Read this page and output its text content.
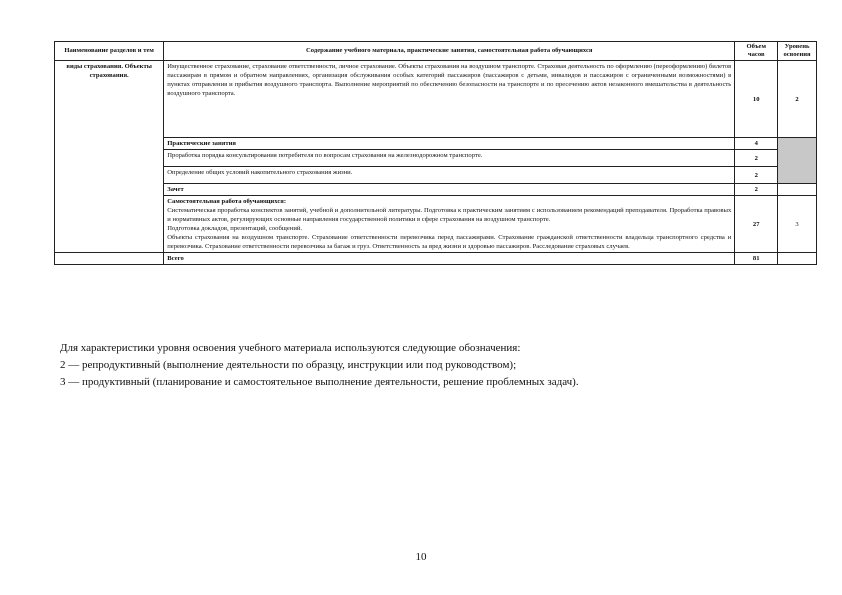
Наименование разделов и тем	Содержание учебного материала, практические занятия, самостоятельная работа обучающихся	Объем часов	Уровень освоения
виды страхования. Объекты страхования.	Имущественное страхование, страхование ответственности, личное страхование. Объекты страхования на воздушном транспорте. Страховая деятельность по оформлению (переоформлению) билетов пассажирам в прямом и обратном направлениях, организация обслуживания особых категорий пассажиров (пассажиров с детьми, инвалидов и пассажиров с ограниченными возможностями) в пунктах отправления и прибытия воздушного транспорта. Выполнение мероприятий по обеспечению безопасности на транспорте и по пресечению актов незаконного вмешательства в деятельность воздушного транспорта.	10	2
	Практические занятия	4	
	Проработка порядка консультирования потребителя по вопросам страхования на железнодорожном транспорте.	2	
	Определение общих условий накопительного страхования жизни.	2	
	Зачет	2	

	Самостоятельная работа обучающихся:
Систематическая проработка конспектов занятий, учебной и дополнительной литературы. Подготовка к практическим занятиям с использованием рекомендаций преподавателя. Проработка правовых и нормативных актов, регулирующих основные направления государственной политики в сфере страхования на воздушном транспорте.
Подготовка докладов, презентаций, сообщений.
Объекты страхования на воздушном транспорте. Страхование ответственности перевозчика перед пассажирами. Страхование гражданской ответственности владельца транспортного средства и перевозчика. Страхование ответственности перевозчика за багаж и груз. Ответственность за вред жизни и здоровью пассажиров. Расследование страховых случаев.	27	3
	Всего	81	
Для характеристики уровня освоения учебного материала используются следующие обозначения:
2 — репродуктивный (выполнение деятельности по образцу, инструкции или под руководством);
3 — продуктивный (планирование и самостоятельное выполнение деятельности, решение проблемных задач).
10
